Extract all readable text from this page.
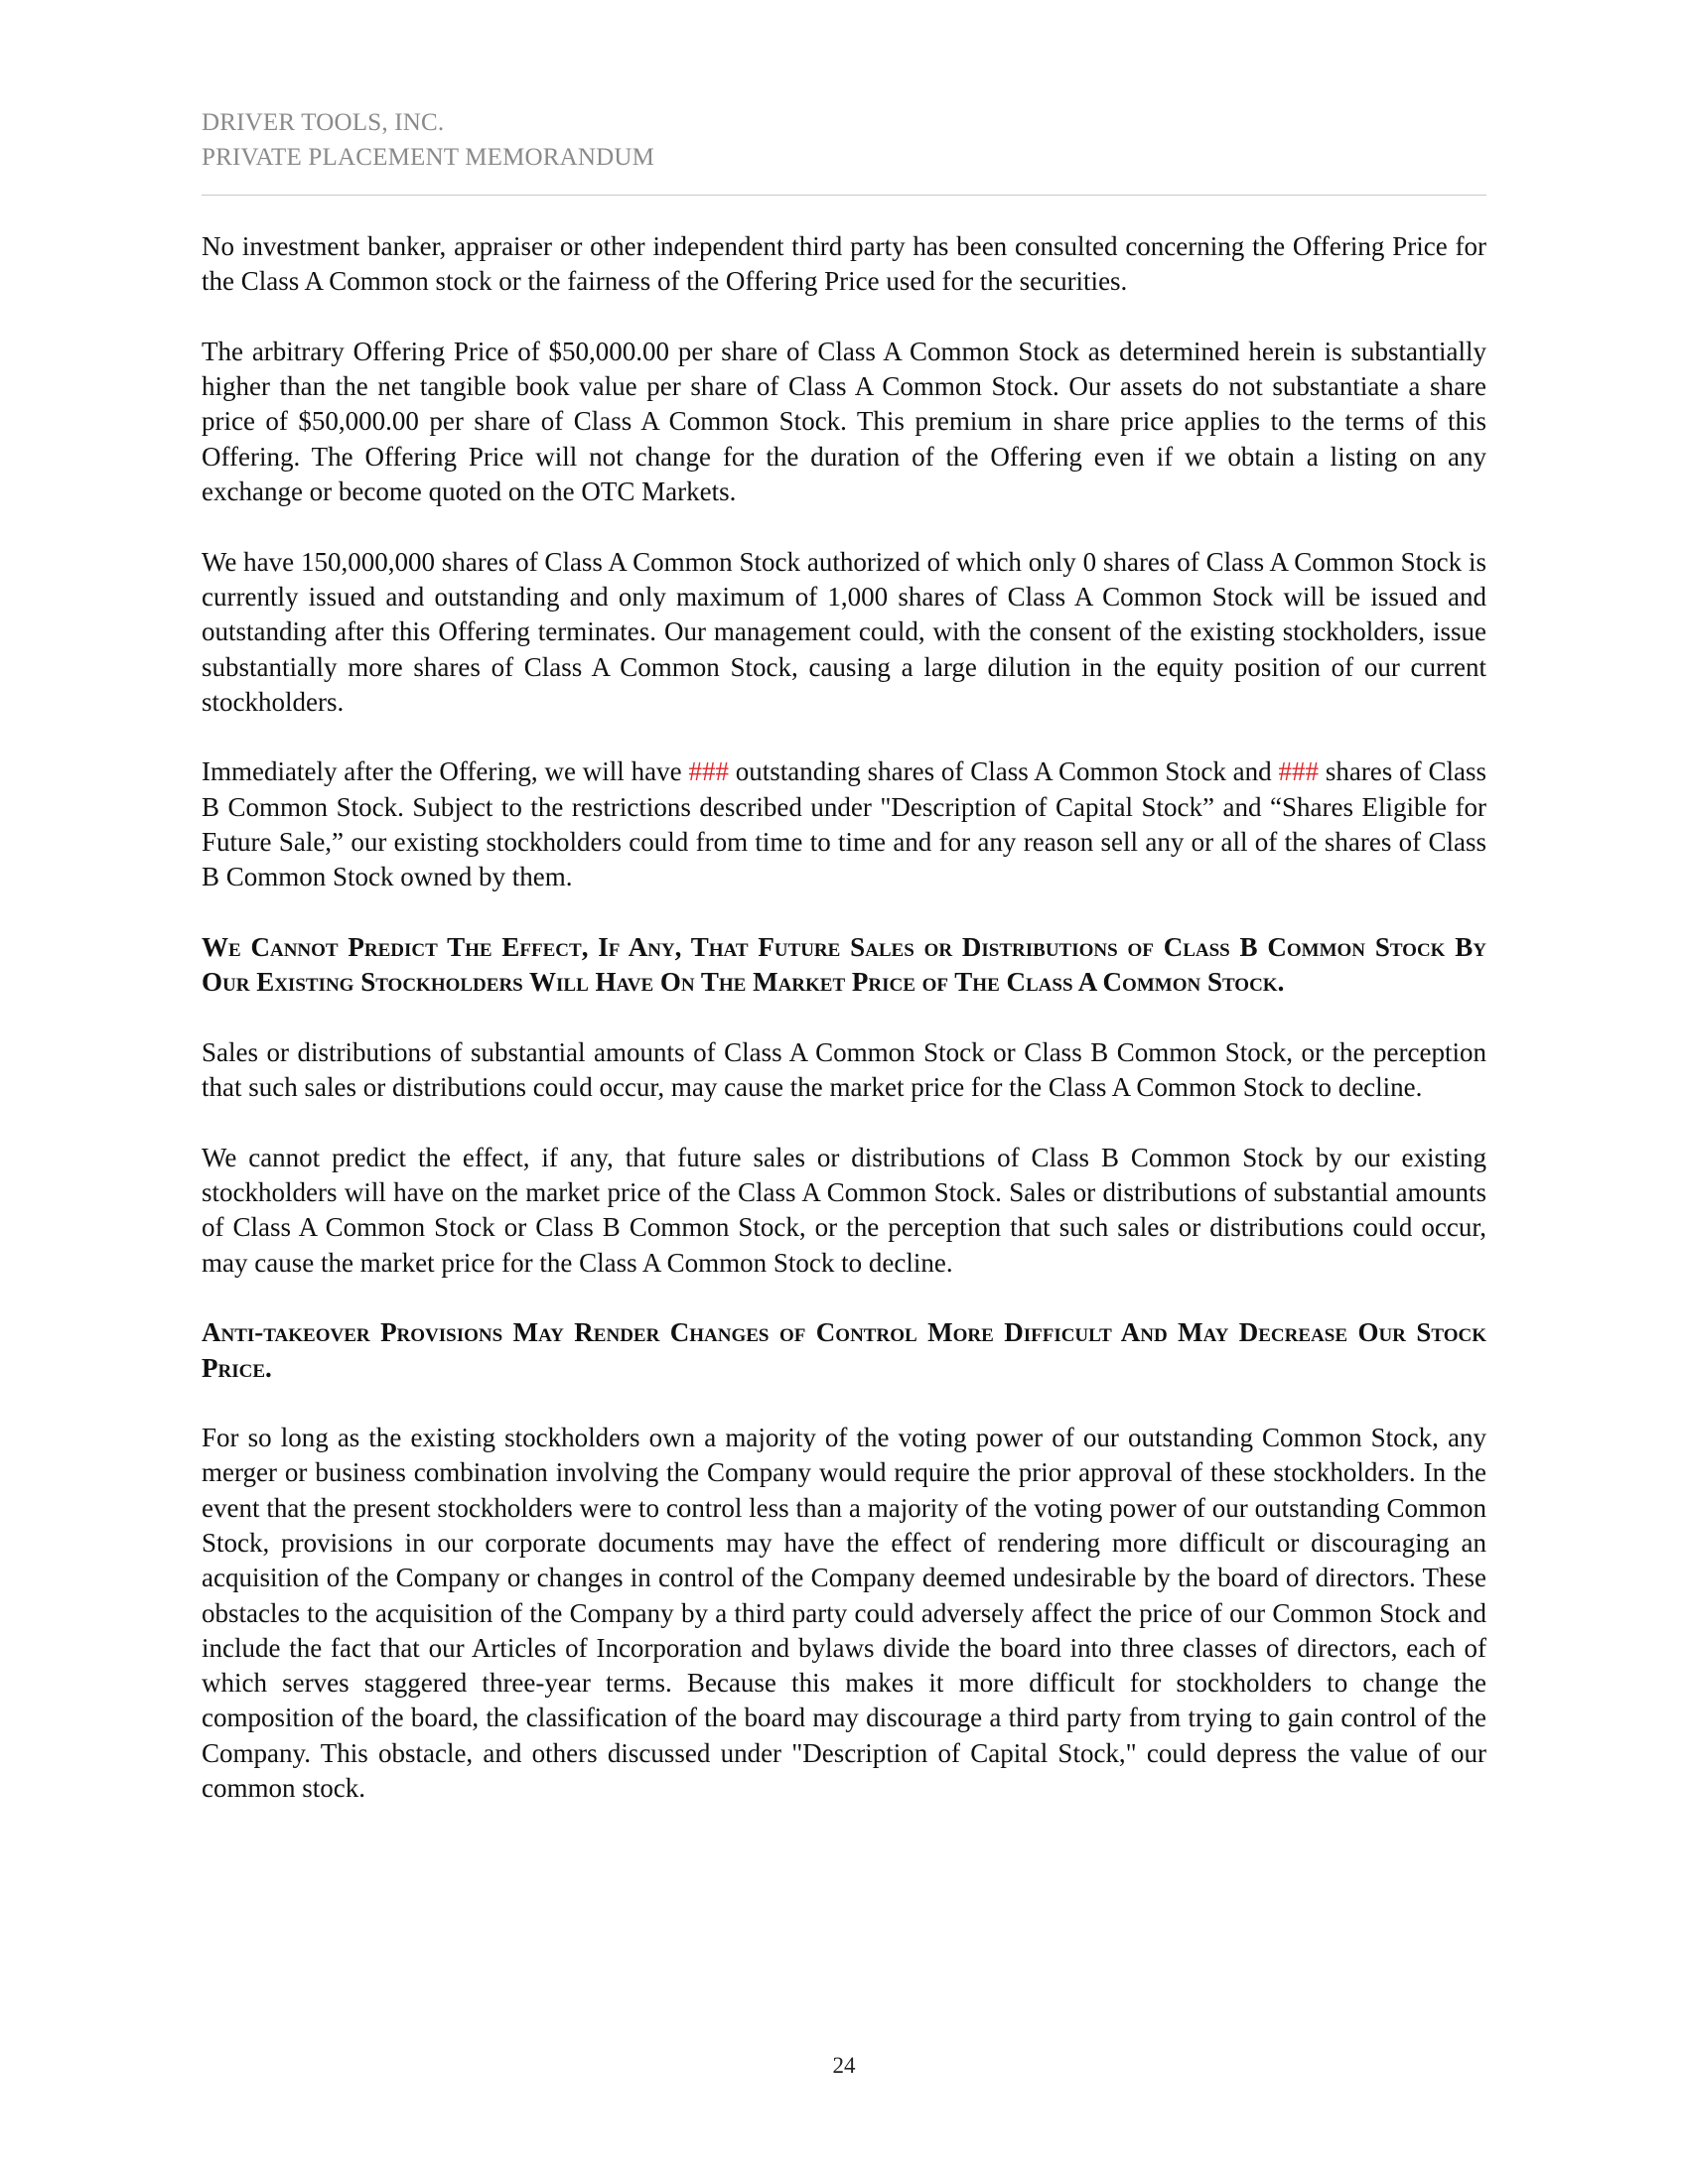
DRIVER TOOLS, INC.
PRIVATE PLACEMENT MEMORANDUM

No investment banker, appraiser or other independent third party has been consulted concerning the Offering Price for the Class A Common stock or the fairness of the Offering Price used for the securities.

The arbitrary Offering Price of $50,000.00 per share of Class A Common Stock as determined herein is substantially higher than the net tangible book value per share of Class A Common Stock. Our assets do not substantiate a share price of $50,000.00 per share of Class A Common Stock. This premium in share price applies to the terms of this Offering. The Offering Price will not change for the duration of the Offering even if we obtain a listing on any exchange or become quoted on the OTC Markets.

We have 150,000,000 shares of Class A Common Stock authorized of which only 0 shares of Class A Common Stock is currently issued and outstanding and only maximum of 1,000 shares of Class A Common Stock will be issued and outstanding after this Offering terminates. Our management could, with the consent of the existing stockholders, issue substantially more shares of Class A Common Stock, causing a large dilution in the equity position of our current stockholders.

Immediately after the Offering, we will have ### outstanding shares of Class A Common Stock and ### shares of Class B Common Stock. Subject to the restrictions described under "Description of Capital Stock” and “Shares Eligible for Future Sale,” our existing stockholders could from time to time and for any reason sell any or all of the shares of Class B Common Stock owned by them.

We Cannot Predict The Effect, If Any, That Future Sales or Distributions of Class B Common Stock By Our Existing Stockholders Will Have On The Market Price of The Class A Common Stock.

Sales or distributions of substantial amounts of Class A Common Stock or Class B Common Stock, or the perception that such sales or distributions could occur, may cause the market price for the Class A Common Stock to decline.

We cannot predict the effect, if any, that future sales or distributions of Class B Common Stock by our existing stockholders will have on the market price of the Class A Common Stock. Sales or distributions of substantial amounts of Class A Common Stock or Class B Common Stock, or the perception that such sales or distributions could occur, may cause the market price for the Class A Common Stock to decline.

Anti-takeover Provisions May Render Changes of Control More Difficult And May Decrease Our Stock Price.

For so long as the existing stockholders own a majority of the voting power of our outstanding Common Stock, any merger or business combination involving the Company would require the prior approval of these stockholders. In the event that the present stockholders were to control less than a majority of the voting power of our outstanding Common Stock, provisions in our corporate documents may have the effect of rendering more difficult or discouraging an acquisition of the Company or changes in control of the Company deemed undesirable by the board of directors. These obstacles to the acquisition of the Company by a third party could adversely affect the price of our Common Stock and include the fact that our Articles of Incorporation and bylaws divide the board into three classes of directors, each of which serves staggered three-year terms. Because this makes it more difficult for stockholders to change the composition of the board, the classification of the board may discourage a third party from trying to gain control of the Company. This obstacle, and others discussed under "Description of Capital Stock," could depress the value of our common stock.

24
